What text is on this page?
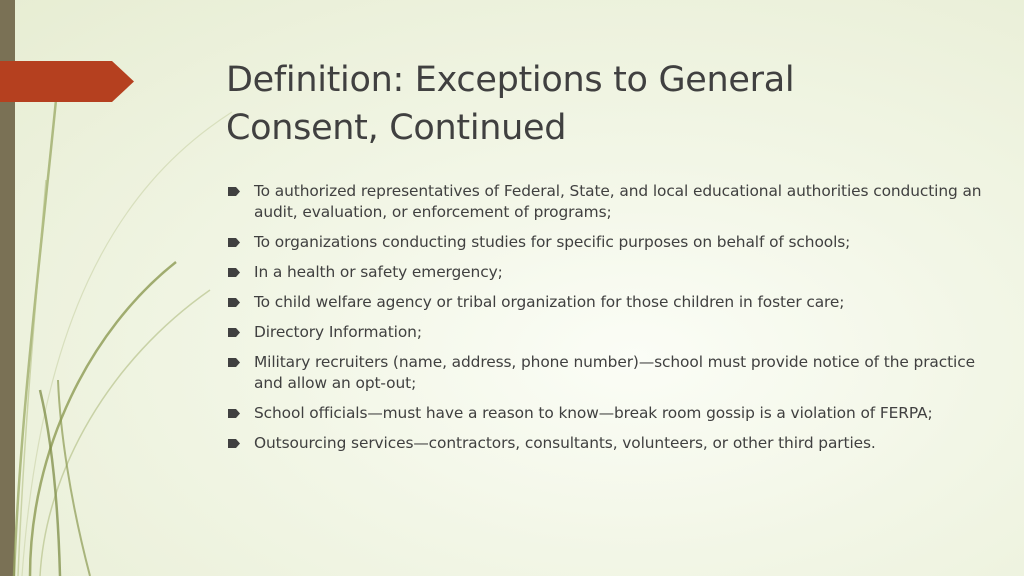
Definition: Exceptions to General
Consent, Continued
To authorized representatives of Federal, State, and local educational authorities conducting an audit, evaluation, or enforcement of programs;
To organizations conducting studies for specific purposes on behalf of schools;
In a health or safety emergency;
To child welfare agency or tribal organization for those children in foster care;
Directory Information;
Military recruiters (name, address, phone number)—school must provide notice of the practice and allow an opt-out;
School officials—must have a reason to know—break room gossip is a violation of FERPA;
Outsourcing services—contractors, consultants, volunteers, or other third parties.
